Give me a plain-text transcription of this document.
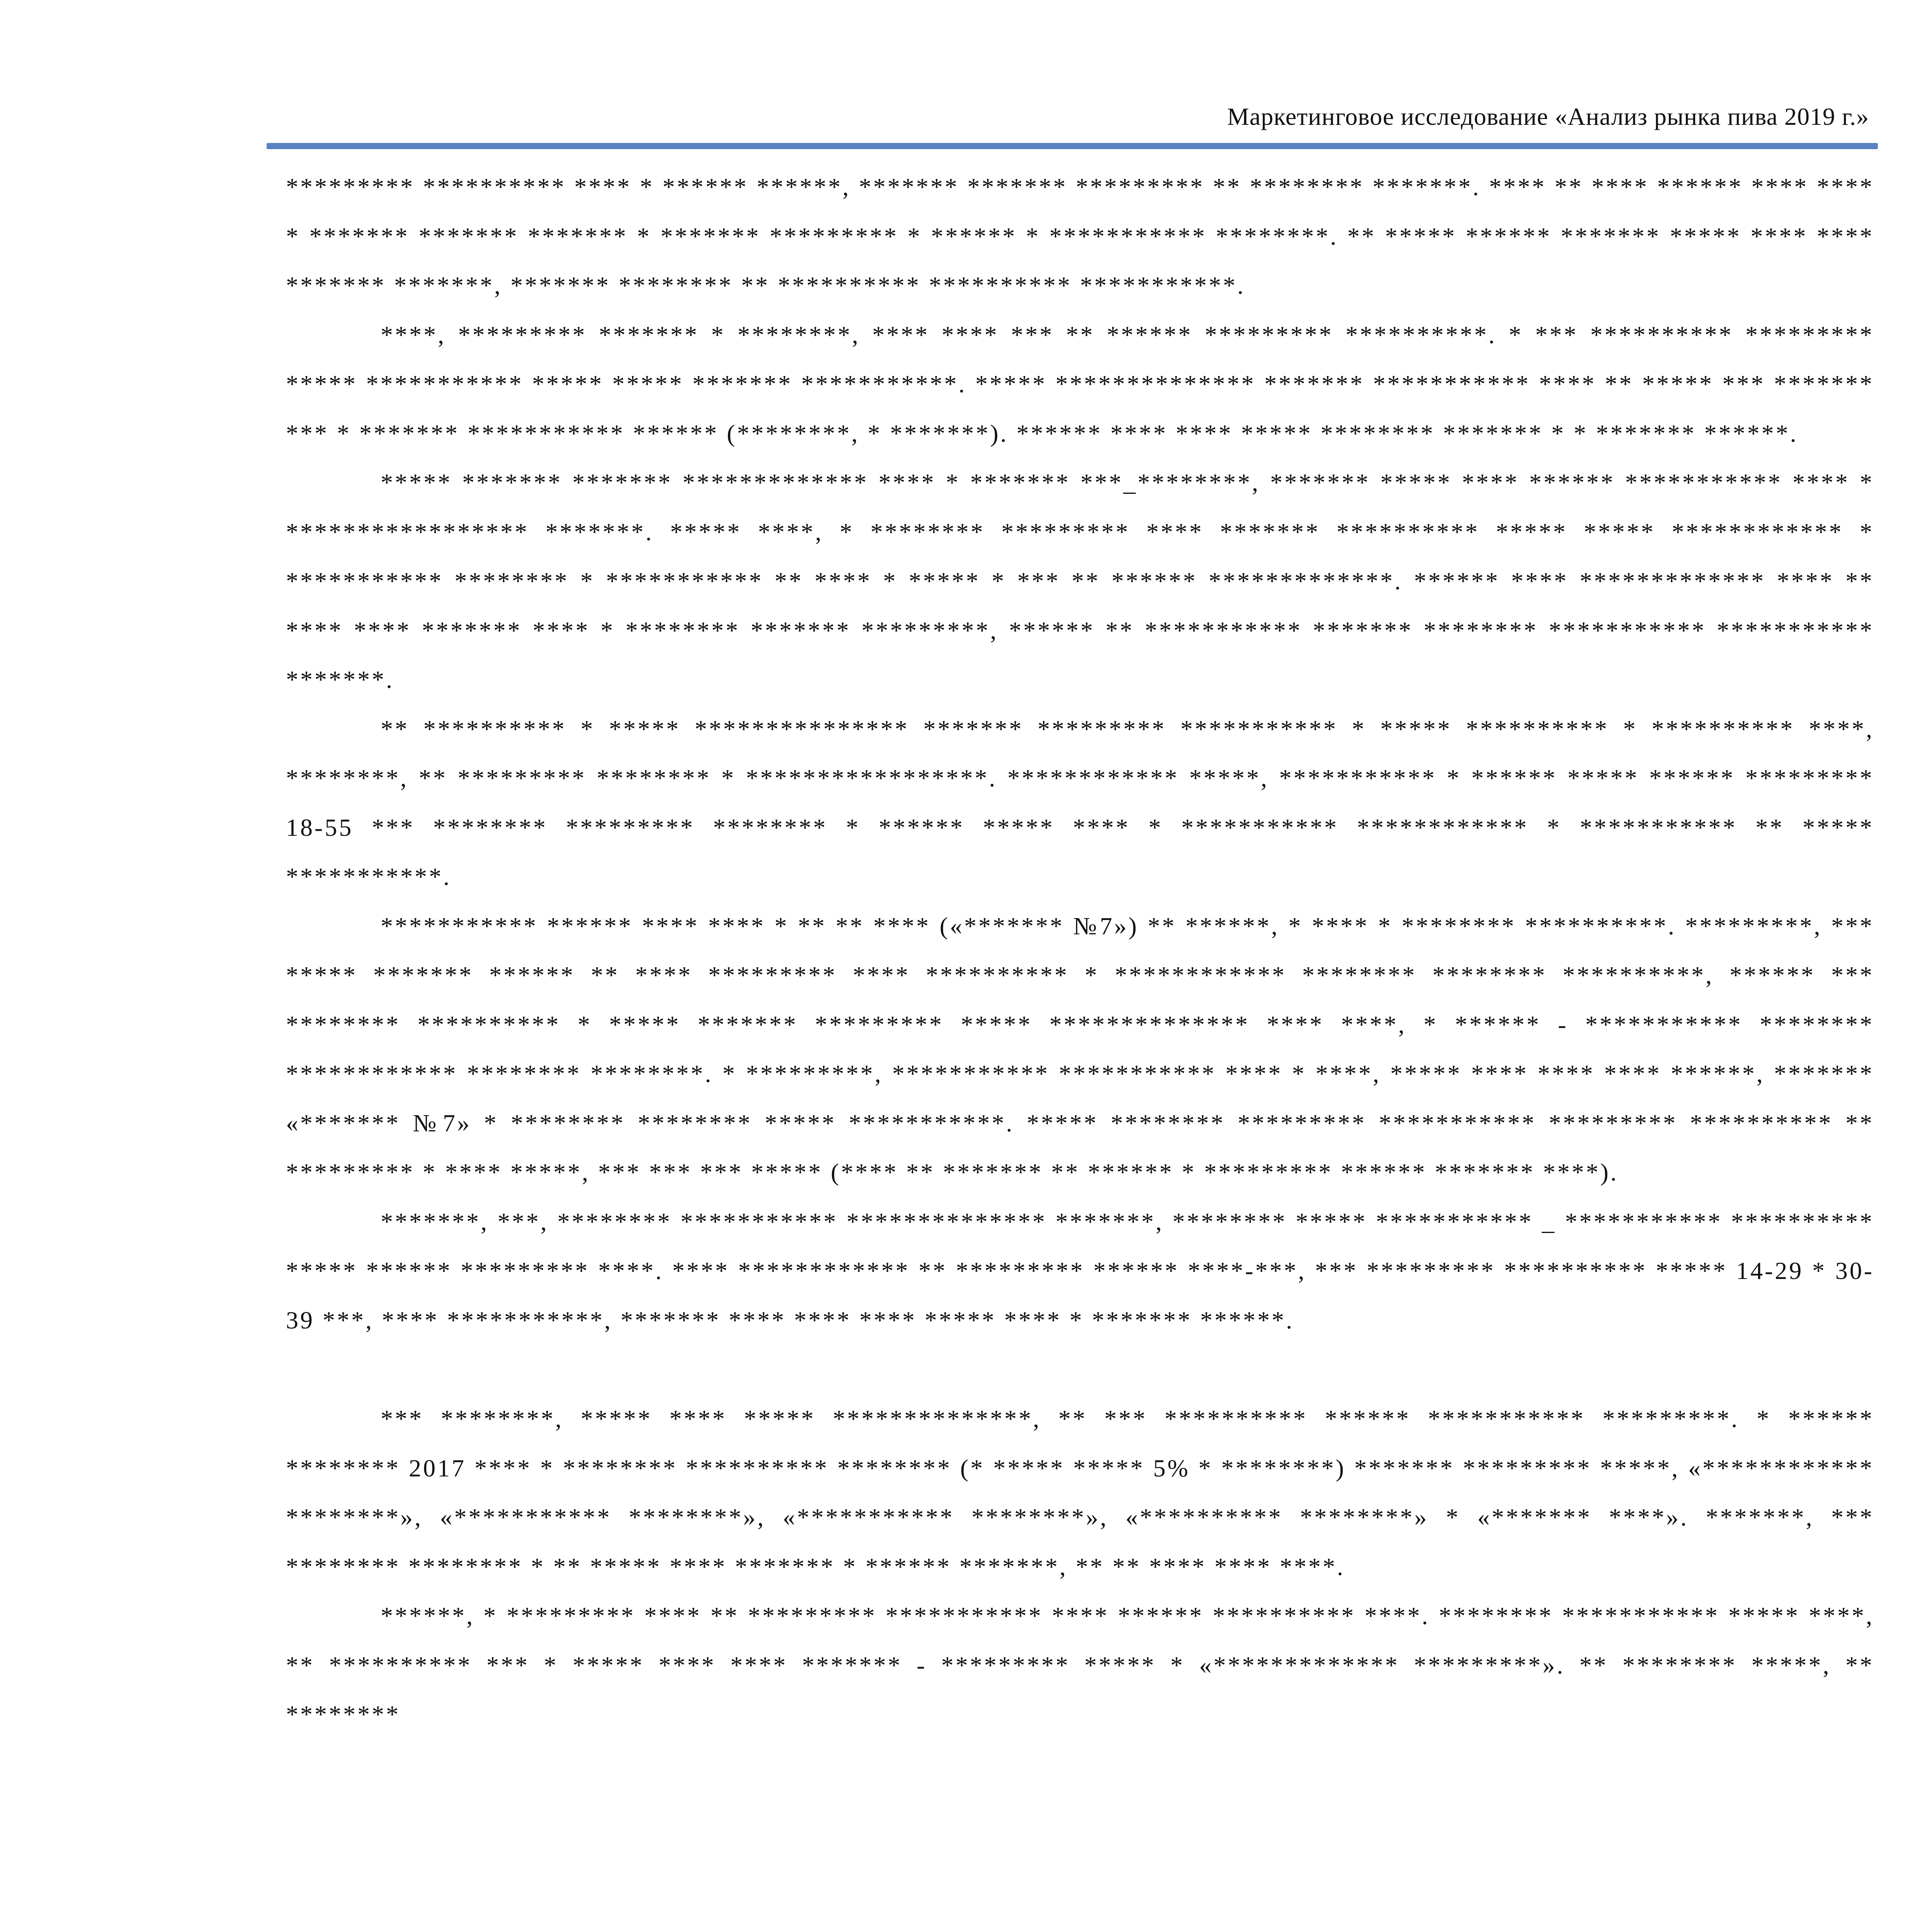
Маркетинговое исследование «Анализ рынка пива 2019 г.»

********* ********** **** * ****** ******, ******* ******* ********* ** ******** *******. **** ** **** ****** **** **** * ******* ******* ******* * ******* ********* * ****** * *********** ********. ** ***** ****** ******* ***** **** **** ******* *******, ******* ******** ** ********** ********** ***********.

****, ********* ******* * ********, **** **** *** ** ****** ********* **********. * *** ********** ********* ***** *********** ***** ***** ******* ***********. ***** ************** ******* *********** **** ** ***** *** ******* *** * ******* *********** ****** (********, * *******). ****** **** **** ***** ******** ******* * * ******* ******.

***** ******* ******* ************* **** * ******* ***_********, ******* ***** **** ****** *********** **** * ***************** *******. ***** ****, * ******** ********* **** ******* ********** ***** ***** ************ * *********** ******** * *********** ** **** * ***** * *** ** ****** *************. ****** **** ************* **** ** **** **** ******* **** * ******** ******* *********, ****** ** *********** ******* ******** *********** *********** *******.

** ********** * ***** *************** ******* ********* *********** * ***** ********** * ********** ****, ********, ** ********* ******** * *****************. ************ *****, *********** * ****** ***** ****** ********* 18-55 *** ******** ********* ******** * ****** ***** **** * *********** ************ * *********** ** ***** ***********.

*********** ****** **** **** * ** ** **** («******* №7») ** ******, * **** * ******** **********. *********, *** ***** ******* ****** ** **** ********* **** ********** * ************ ******** ******** **********, ****** *** ******** ********** * ***** ******* ********* ***** ************** **** ****, * ****** - *********** ******** ************ ******** ********. * *********, *********** *********** **** * ****, ***** **** **** **** ******, ******* «******* №7» * ******** ******** ***** ***********. ***** ******** ********* *********** ********* ********** ** ********* * **** *****, *** *** *** ***** (**** ** ******* ** ****** * ********* ****** ******* ****).

*******, ***, ******** *********** ************** *******, ******** ***** *********** _ *********** ********** ***** ****** ********* ****. **** ************ ** ********* ****** ****-***, *** ********* ********** ***** 14-29 * 30-39 ***, **** ***********, ******* **** **** **** ***** **** * ******* ******.

*** ********, ***** **** ***** **************, ** *** ********** ****** *********** *********. * ****** ******** 2017 **** * ******** ********** ******** (* ***** ***** 5% * ********) ******* ********* *****, «************ ********», «*********** ********», «*********** ********», «********** ********» * «******* ****». *******, *** ******** ******** * ** ***** **** ******* * ****** *******, ** ** **** **** ****.

******, * ********* **** ** ********* *********** **** ****** ********** ****. ******** *********** ***** ****, ** ********** *** * ***** **** **** ******* - ********* ***** * «************* *********». ** ******** *****, ** ********
